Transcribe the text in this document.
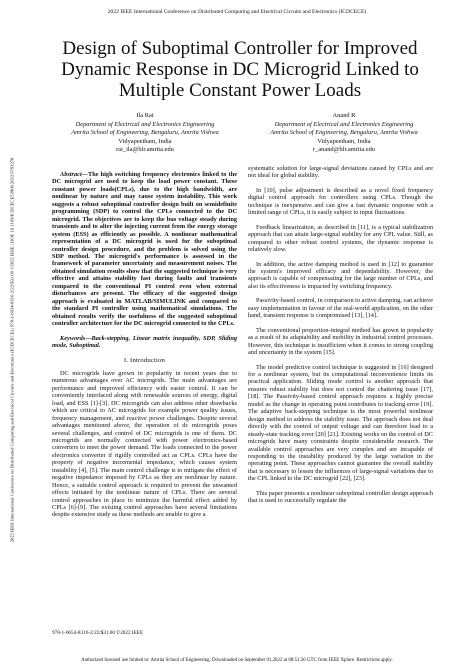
2022 IEEE International Conference on Distributed Computing and Electrical Circuits and Electronics (ICDCECE)
2022 IEEE International Conference on Distributed Computing and Electrical Circuits and Electronics (ICDCECE) | 978-1-6654-8316-2/22/$31.00 ©2022 IEEE | DOI: 10.1109/ICDCECE53908.2022.9793278
Design of Suboptimal Controller for Improved Dynamic Response in DC Microgrid Linked to Multiple Constant Power Loads
Ila Rai
Department of Electrical and Electronics Engineering
Amrita School of Engineering, Bengaluru, Amrita Vishwa
Vidyapeetham, India
rai_ila@blr.amrita.edu
Anand R
Department of Electrical and Electronics Engineering
Amrita School of Engineering, Bengaluru, Amrita Vishwa
Vidyapeetham, India
r_anand@blr.amrita.edu

Abstract—The high switching frequency electronics linked to the DC microgrid are used to keep the load power constant. These constant power loads(CPLs), due to the high bandwidth, are nonlinear by nature and may cause system instability. This work suggests a robust suboptimal controller design built on semidefinite programming (SDP) to control the CPLs connected to the DC microgrid. The objectives are to keep the bus voltage steady during transients and to alter the injecting current from the energy storage system (ESS) as efficiently as possible. A nonlinear mathematical representation of a DC microgrid is used for the suboptimal controller design procedure, and the problem is solved using the SDP method. The microgrid's performance is assessed in the framework of parameter uncertainty and measurement noises. The obtained simulation results show that the suggested technique is very effective and attains stability fast during faults and transients compared to the conventional PI control even when external disturbances are present. The efficacy of the suggested design approach is evaluated in MATLAB/SIMULINK and compared to the standard PI controller using mathematical simulations. The obtained results verify the usefulness of the suggested suboptimal controller architecture for the DC microgrid connected to the CPLs.

Keywords—Back-stepping, Linear matrix inequality, SDP, Sliding mode, Suboptimal.

I. Introduction

DC microgrids have grown in popularity in recent years due to numerous advantages over AC microgrids. The main advantages are performance and improved efficiency with easier control. It can be conveniently interfaced along with renewable sources of energy, digital load, and ESS [1]-[3]. DC microgrids can also address other drawbacks which are critical to AC microgrids for example power quality issues, frequency management, and reactive power challenges. Despite several advantages mentioned above, the operation of dc microgrids poses several challenges, and control of DC microgrids is one of them. DC microgrids are normally connected with power electronics-based converters to meet the power demand. The loads connected to the power electronics converter if rigidly controlled act as CPLs. CPLs have the property of negative incremental impedance, which causes system instability [4], [5]. The main control challenge is to mitigate the effect of negative impedance imposed by CPLs as they are nonlinear by nature. Hence, a suitable control approach is required to prevent the unwanted effects initiated by the nonlinear nature of CPLs. There are several control approaches in place to minimize the harmful effect added by CPLs [6]-[9]. The existing control approaches have several limitations despite extensive study as these methods are unable to give a

systematic solution for large-signal deviations caused by CPLs and are not ideal for global stability.

In [10], pulse adjustment is described as a novel fixed frequency digital control approach for controllers using CPLs. Though the technique is inexpensive and can give a fast dynamic response with a limited range of CPLs, it is easily subject to input fluctuations.

Feedback linearization, as described in [11], is a typical stabilization approach that can attain large-signal stability for any CPL value. Still, as compared to other robust control systems, the dynamic response is relatively slow.

In addition, the active damping method is used in [12] to guarantee the system's improved efficacy and dependability. However, the approach is capable of compensating for the large number of CPLs, and also its effectiveness is impacted by switching frequency.

Passivity-based control, in comparison to active damping, can achieve easy implementation in favour of the real-world application, on the other hand, transient response is compromised [13], [14].

The conventional proportion-integral method has grown in popularity as a result of its adaptability and mobility in industrial control processes. However, this technique is insufficient when it comes to strong coupling and uncertainty in the system [15].

The model predictive control technique is suggested in [16] designed for a nonlinear system, but its computational inconvenience limits its practical application. Sliding mode control is another approach that ensures robust stability but does not control the chattering issue [17], [18]. The Passivity-based control approach requires a highly precise model as the change in operating point contributes to tracking error [19]. The adaptive back-stepping technique is the most powerful nonlinear design method to address the stability issue. The approach does not deal directly with the control of output voltage and can therefore lead to a steady-state tracking error [20] [21]. Existing works on the control of DC microgrids have many constraints despite considerable research. The available control approaches are very complex and are incapable of responding to the instability produced by the large variation in the operating point. These approaches cannot guarantee the overall stability that is necessary to lessen the influences of large-signal variations due to the CPL linked to the DC microgrid [22], [23].

This paper presents a nonlinear suboptimal controller design approach that is used to successfully regulate the

978-1-6654-8316-2/22/$31.00 ©2022 IEEE
Authorized licensed use limited to: Amrita School of Engineering. Downloaded on September 01,2022 at 08:51:26 UTC from IEEE Xplore. Restrictions apply.
